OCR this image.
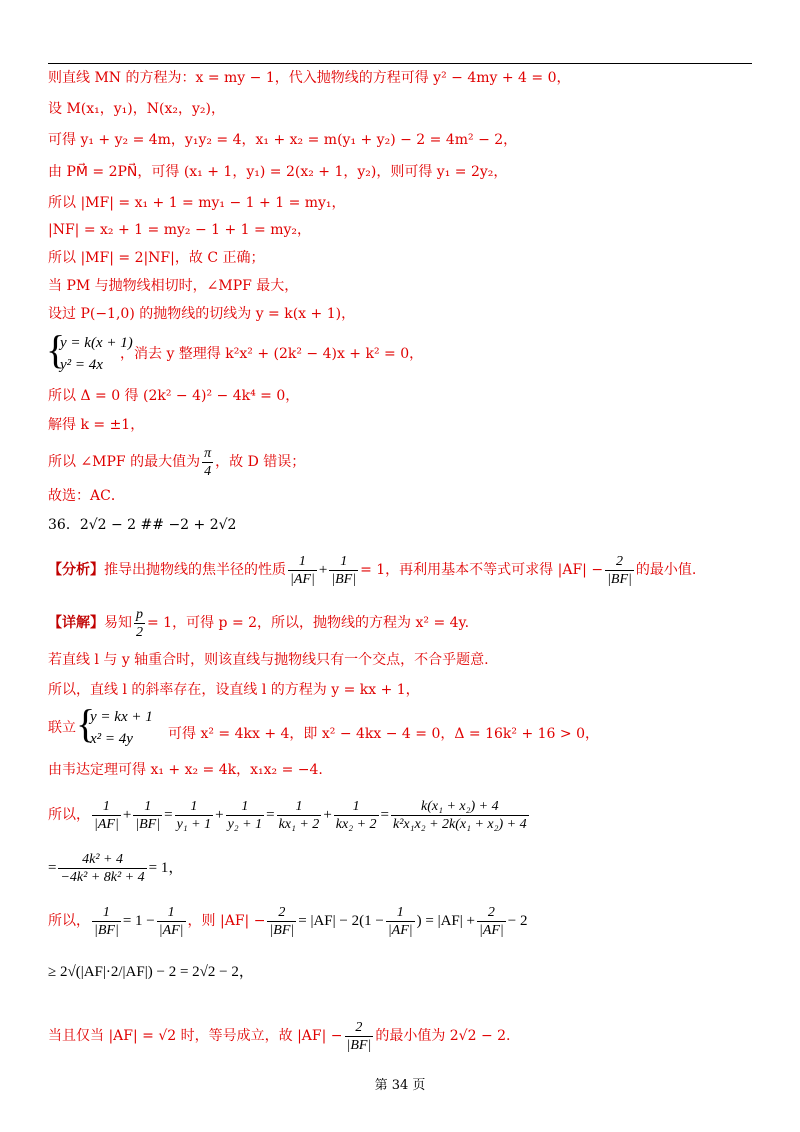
则直线 MN 的方程为：x = my − 1，代入抛物线的方程可得 y² − 4my + 4 = 0，
设 M(x₁，y₁)，N(x₂，y₂)，
可得 y₁ + y₂ = 4m，y₁y₂ = 4，x₁ + x₂ = m(y₁ + y₂) − 2 = 4m² − 2，
由 PM⃗ = 2PN⃗，可得 (x₁ + 1，y₁) = 2(x₂ + 1，y₂)，则可得 y₁ = 2y₂，
所以 |MF| = x₁ + 1 = my₁ − 1 + 1 = my₁，
|NF| = x₂ + 1 = my₂ − 1 + 1 = my₂，
所以 |MF| = 2|NF|，故 C 正确；
当 PM 与抛物线相切时，∠MPF 最大，
设过 P(−1,0) 的抛物线的切线为 y = k(x + 1)，
{
y = k(x + 1)
y² = 4x
，消去 y 整理得 k²x² + (2k² − 4)x + k² = 0，
所以 Δ = 0 得 (2k² − 4)² − 4k⁴ = 0，
解得 k = ±1，
所以 ∠MPF 的最大值为 $\frac{\pi}{4}$ ，故 D 错误；
故选：AC．
36．2√2 − 2 ## −2 + 2√2
【分析】推导出抛物线的焦半径的性质 $\frac{1}{|AF|} + \frac{1}{|BF|} = 1$，再利用基本不等式可求得 $|AF| - \frac{2}{|BF|}$ 的最小值.
【详解】易知 $\frac{p}{2} = 1$，可得 p = 2，所以，抛物线的方程为 x² = 4y.
若直线 l 与 y 轴重合时，则该直线与抛物线只有一个交点，不合乎题意.
所以，直线 l 的斜率存在，设直线 l 的方程为 y = kx + 1，
联立 {
y = kx + 1
x² = 4y	可得 x² = 4kx + 4，即 x² − 4kx − 4 = 0，Δ = 16k² + 16 > 0，
由韦达定理可得 x₁ + x₂ = 4k，x₁x₂ = −4.
所以， $\frac{1}{|AF|} + \frac{1}{|BF|} = \frac{1}{\text{y₁ + 1}} + \frac{1}{\text{y₂ + 1}} = \frac{1}{\text{kx₁ + 2}} + \frac{1}{\text{kx₂ + 2}} = \frac{\text{k(x₁ + x₂) + 4}}{\text{k²x₁x₂ + 2k(x₁ + x₂) + 4}}$
= $\frac{\text{4k² + 4}}{\text{−4k² + 8k² + 4}} = 1$，
所以， $\frac{1}{|BF|} = 1 - \frac{1}{|AF|}$ ，则 $|AF| - \frac{2}{|BF|} = |AF| - 2(1 - \frac{1}{|AF|}$ ) = $|AF| + \frac{2}{|AF|} - 2$
≥ 2√(|AF|·2/|AF|) − 2 = 2√2 − 2，
当且仅当 |AF| = √2 时，等号成立，故 $|AF| - \frac{2}{|BF|}$ 的最小值为 2√2 − 2.
第 34 页
